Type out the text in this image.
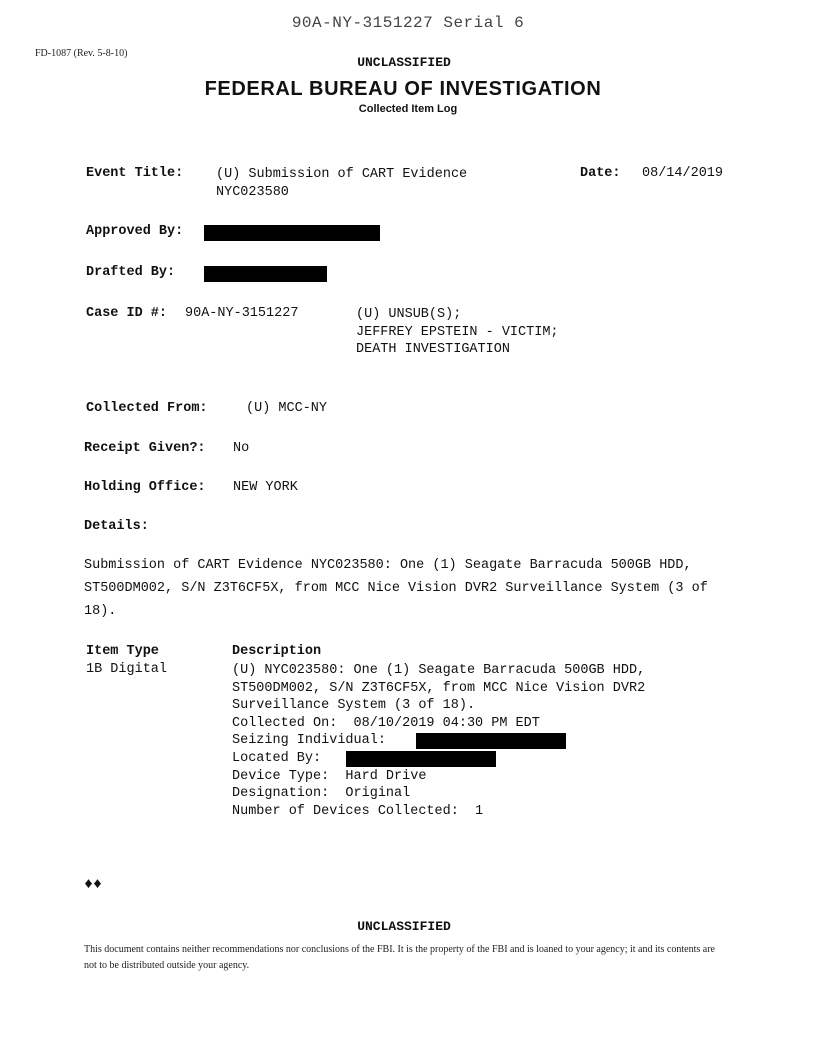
90A-NY-3151227 Serial 6
FD-1087 (Rev. 5-8-10)
UNCLASSIFIED
FEDERAL BUREAU OF INVESTIGATION
Collected Item Log
Event Title: (U) Submission of CART Evidence
NYC023580
Date: 08/14/2019
Approved By:
Drafted By:
Case ID #: 90A-NY-3151227	(U) UNSUB(S);
JEFFREY EPSTEIN - VICTIM;
DEATH INVESTIGATION
Collected From:	(U) MCC-NY
Receipt Given?: No
Holding Office: NEW YORK
Details:
Submission of CART Evidence NYC023580: One (1) Seagate Barracuda 500GB HDD, ST500DM002, S/N Z3T6CF5X, from MCC Nice Vision DVR2 Surveillance System (3 of 18).
Item Type	Description
1B Digital	(U) NYC023580: One (1) Seagate Barracuda 500GB HDD,
ST500DM002, S/N Z3T6CF5X, from MCC Nice Vision DVR2
Surveillance System (3 of 18).
Collected On:  08/10/2019 04:30 PM EDT
Seizing Individual:
Located By:
Device Type:  Hard Drive
Designation:  Original
Number of Devices Collected:  1
♦♦
UNCLASSIFIED
This document contains neither recommendations nor conclusions of the FBI. It is the property of the FBI and is loaned to your agency; it and its contents are not to be distributed outside your agency.
